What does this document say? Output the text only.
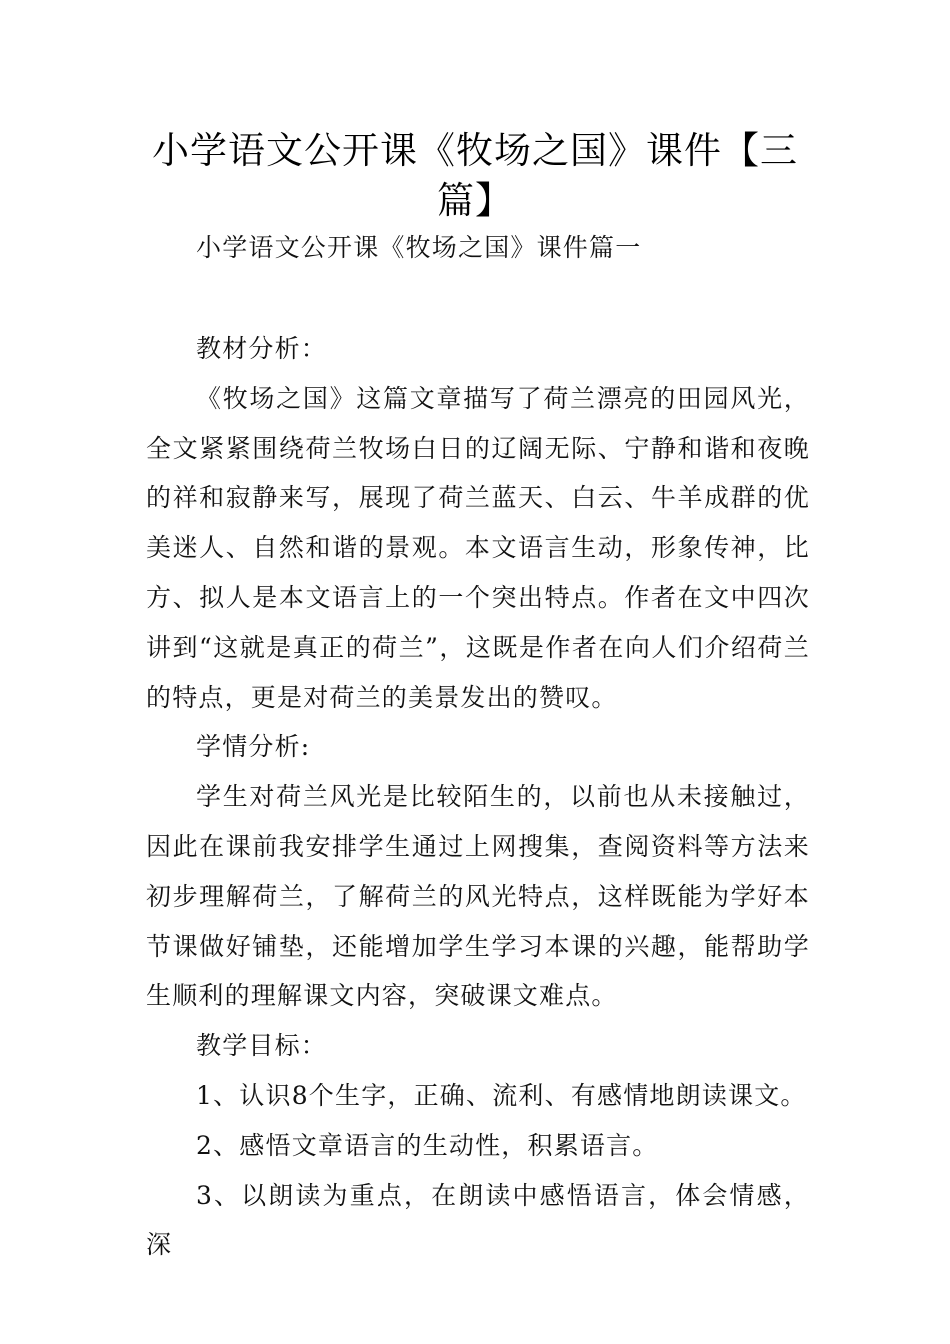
小学语文公开课《牧场之国》课件【三篇】
小学语文公开课《牧场之国》课件篇一

教材分析：

《牧场之国》这篇文章描写了荷兰漂亮的田园风光，全文紧紧围绕荷兰牧场白日的辽阔无际、宁静和谐和夜晚的祥和寂静来写，展现了荷兰蓝天、白云、牛羊成群的优美迷人、自然和谐的景观。本文语言生动，形象传神，比方、拟人是本文语言上的一个突出特点。作者在文中四次讲到“这就是真正的荷兰”，这既是作者在向人们介绍荷兰的特点，更是对荷兰的美景发出的赞叹。

学情分析:

学生对荷兰风光是比较陌生的，以前也从未接触过，因此在课前我安排学生通过上网搜集，查阅资料等方法来初步理解荷兰，了解荷兰的风光特点，这样既能为学好本节课做好铺垫，还能增加学生学习本课的兴趣，能帮助学生顺利的理解课文内容，突破课文难点。

教学目标：

1、认识8个生字，正确、流利、有感情地朗读课文。

2、感悟文章语言的生动性，积累语言。

3、以朗读为重点，在朗读中感悟语言，体会情感，深
